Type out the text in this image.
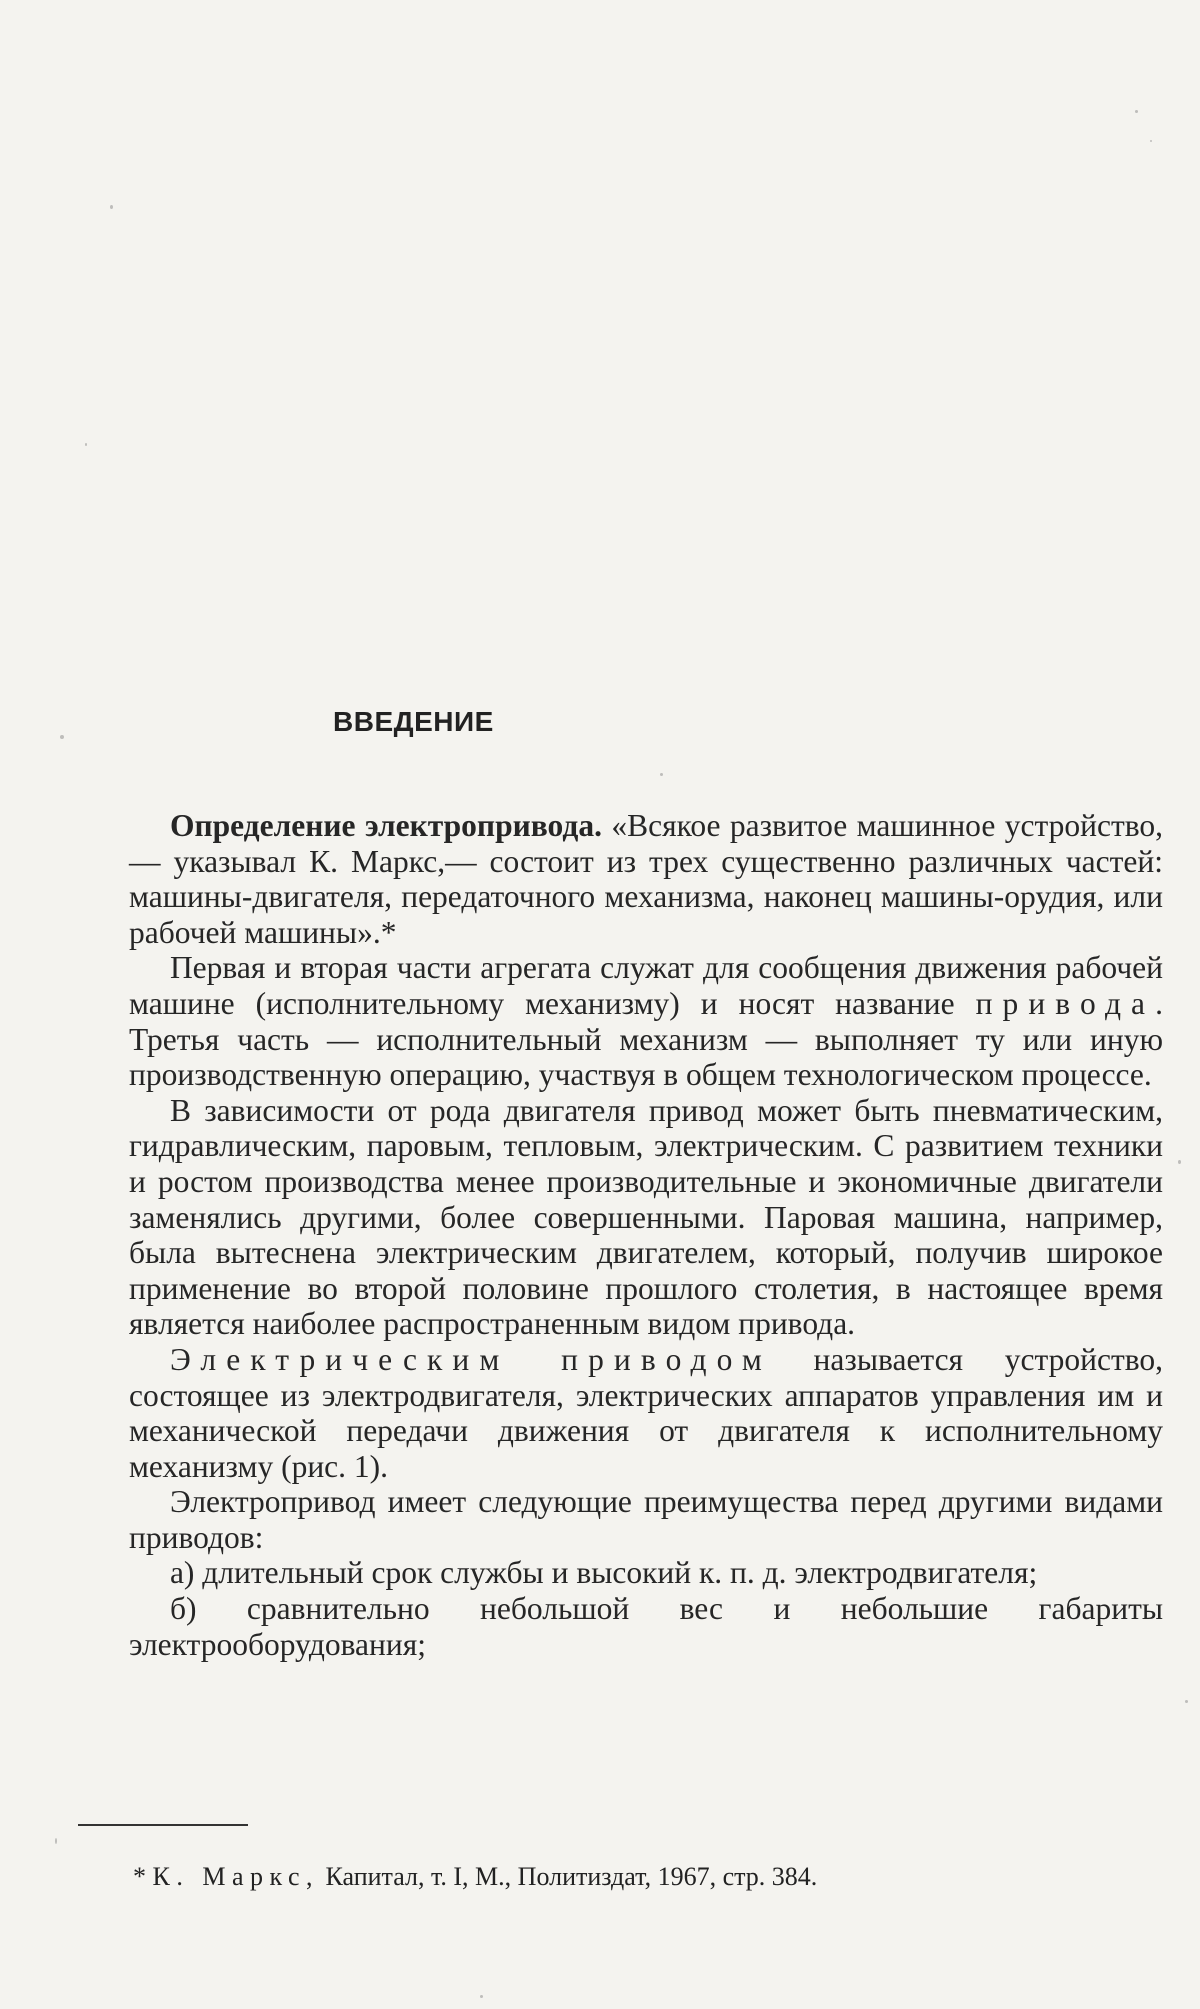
ВВЕДЕНИЕ

Определение электропривода. «Всякое развитое машинное устройство,— указывал К. Маркс,— состоит из трех существенно различных частей: машины-двигателя, передаточного механизма, наконец машины-орудия, или рабочей машины».*

Первая и вторая части агрегата служат для сообщения движения рабочей машине (исполнительному механизму) и носят название привода. Третья часть — исполнительный механизм — выполняет ту или иную производственную операцию, участвуя в общем технологическом процессе.

В зависимости от рода двигателя привод может быть пневматическим, гидравлическим, паровым, тепловым, электрическим. С развитием техники и ростом производства менее производительные и экономичные двигатели заменялись другими, более совершенными. Паровая машина, например, была вытеснена электрическим двигателем, который, получив широкое применение во второй половине прошлого столетия, в настоящее время является наиболее распространенным видом привода.

Электрическим приводом называется устройство, состоящее из электродвигателя, электрических аппаратов управления им и механической передачи движения от двигателя к исполнительному механизму (рис. 1).

Электропривод имеет следующие преимущества перед другими видами приводов:

а) длительный срок службы и высокий к. п. д. электродвигателя;

б) сравнительно небольшой вес и небольшие габариты электрооборудования;

* К. Маркс, Капитал, т. I, М., Политиздат, 1967, стр. 384.
